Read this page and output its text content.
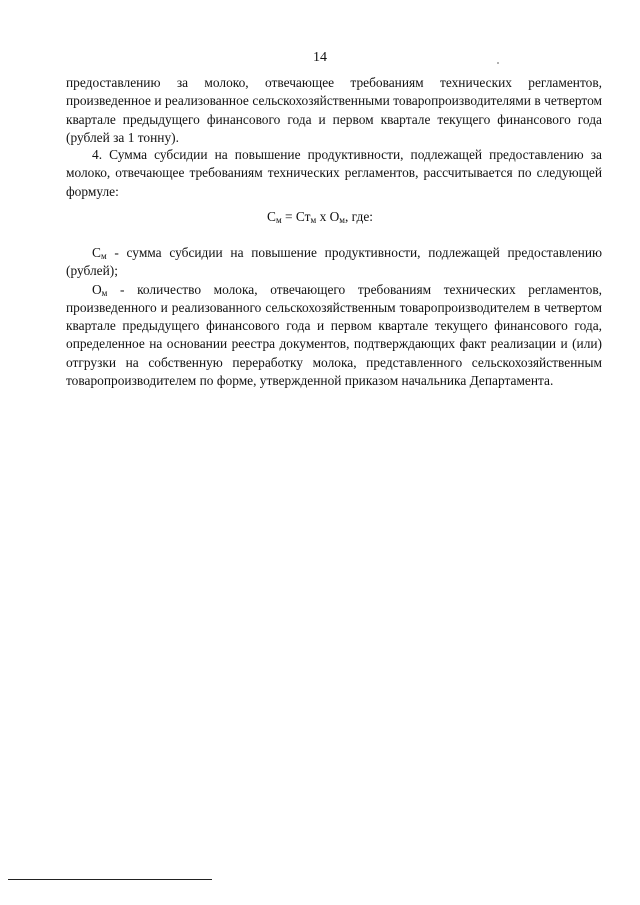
14
предоставлению за молоко, отвечающее требованиям технических регламентов, произведенное и реализованное сельскохозяйственными товаропроизводителями в четвертом квартале предыдущего финансового года и первом квартале текущего финансового года (рублей за 1 тонну).
4. Сумма субсидии на повышение продуктивности, подлежащей предоставлению за молоко, отвечающее требованиям технических регламентов, рассчитывается по следующей формуле:
$С_м = Ст_м$ х $О_м$, где:

$С_м$ - сумма субсидии на повышение продуктивности, подлежащей предоставлению (рублей);

$О_м$ - количество молока, отвечающего требованиям технических регламентов, произведенного и реализованного сельскохозяйственным товаропроизводителем в четвертом квартале предыдущего финансового года и первом квартале текущего финансового года, определенное на основании реестра документов, подтверждающих факт реализации и (или) отгрузки на собственную переработку молока, представленного сельскохозяйственным товаропроизводителем по форме, утвержденной приказом начальника Департамента.
